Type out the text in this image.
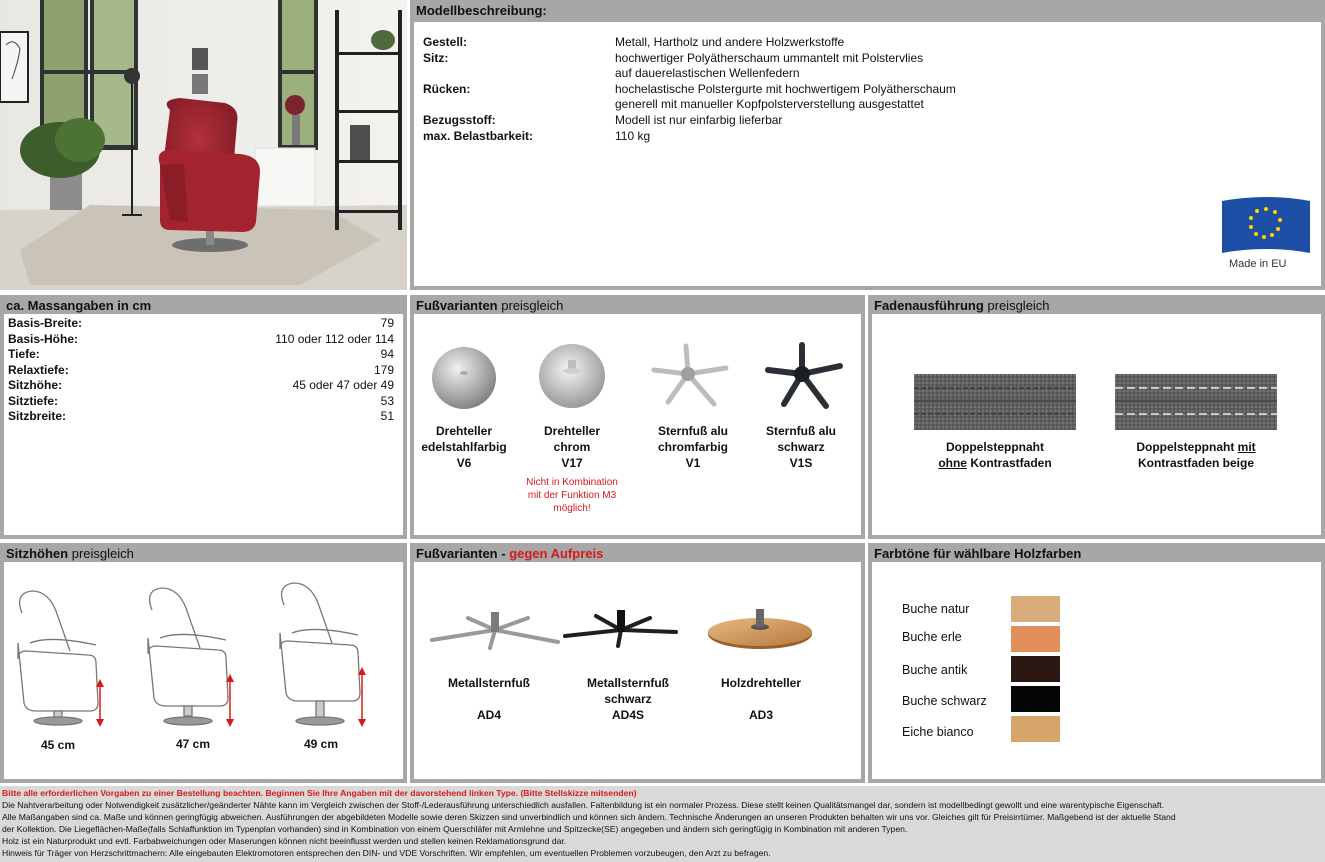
Modellbeschreibung:
Gestell:	Metall, Hartholz und andere Holzwerkstoffe
Sitz:	hochwertiger Polyätherschaum ummantelt mit Polstervlies
auf dauerelastischen Wellenfedern
Rücken:	hochelastische Polstergurte mit hochwertigem Polyätherschaum
generell mit manueller Kopfpolsterverstellung ausgestattet
Bezugsstoff:	Modell ist nur einfarbig lieferbar
max. Belastbarkeit:	110 kg
Made in EU
ca. Massangaben in cm
Basis-Breite:	79
Basis-Höhe:	110 oder 112 oder 114
Tiefe:	94
Relaxtiefe:	179
Sitzhöhe:	45 oder 47 oder 49
Sitztiefe:	53
Sitzbreite:	51
Fußvarianten preisgleich
Drehteller
edelstahlfarbig
V6
Drehteller
chrom
V17
Sternfuß alu
chromfarbig
V1
Sternfuß alu
schwarz
V1S
Nicht in Kombination
mit der Funktion M3
möglich!
Fadenausführung preisgleich
Doppelsteppnaht
ohne Kontrastfaden
Doppelsteppnaht mit
Kontrastfaden beige
Sitzhöhen preisgleich
45 cm	47 cm	49 cm
Fußvarianten - gegen Aufpreis
Metallsternfuß
AD4
Metallsternfuß
schwarz
AD4S
Holzdrehteller
AD3
Farbtöne für wählbare Holzfarben
Buche natur
Buche erle
Buche antik
Buche schwarz
Eiche bianco
Bitte alle erforderlichen Vorgaben zu einer Bestellung beachten. Beginnen Sie Ihre Angaben mit der davorstehend linken Type. (Bitte Stellskizze mitsenden)
Die Nahtverarbeitung oder Notwendigkeit zusätzlicher/geänderter Nähte kann im Vergleich zwischen der Stoff-/Lederausführung unterschiedlich ausfallen. Faltenbildung ist ein normaler Prozess. Diese stellt keinen Qualitätsmangel dar, sondern ist modellbedingt gewollt und eine warentypische Eigenschaft.
Alle Maßangaben sind ca. Maße und können geringfügig abweichen. Ausführungen der abgebildeten Modelle sowie deren Skizzen sind unverbindlich und können sich ändern. Technische Änderungen an unseren Produkten behalten wir uns vor. Gleiches gilt für Preisirrtümer. Maßgebend ist der aktuelle Stand
der Kollektion. Die Liegeflächen-Maße(falls Schlaffunktion im Typenplan vorhanden) sind in Kombination von einem Querschläfer mit Armlehne und Spitzecke(SE) angegeben und ändern sich geringfügig in Kombination mit anderen Typen.
Holz ist ein Naturprodukt und evtl. Farbabweichungen oder Maserungen können nicht beeinflusst werden und stellen keinen Reklamationsgrund dar.
Hinweis für Träger von Herzschrittmachern: Alle eingebauten Elektromotoren entsprechen den DIN- und VDE Vorschriften. Wir empfehlen, um eventuellen Problemen vorzubeugen, den Arzt zu befragen.
